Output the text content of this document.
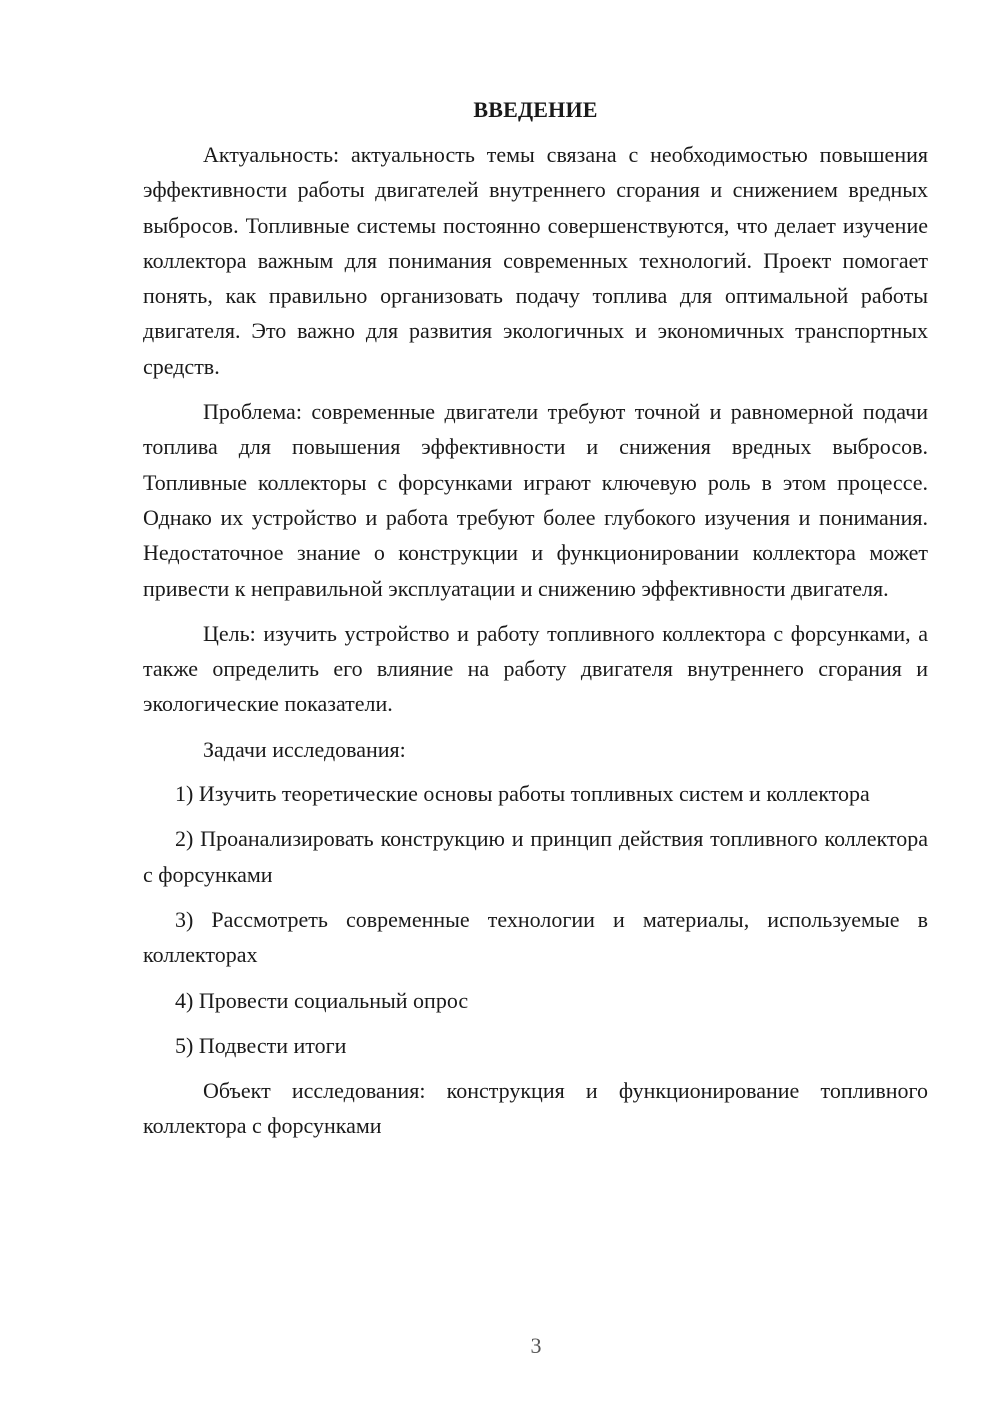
ВВЕДЕНИЕ

Актуальность: актуальность темы связана с необходимостью повышения эффективности работы двигателей внутреннего сгорания и снижением вредных выбросов. Топливные системы постоянно совершенствуются, что делает изучение коллектора важным для понимания современных технологий. Проект помогает понять, как правильно организовать подачу топлива для оптимальной работы двигателя. Это важно для развития экологичных и экономичных транспортных средств.

Проблема: современные двигатели требуют точной и равномерной подачи топлива для повышения эффективности и снижения вредных выбросов. Топливные коллекторы с форсунками играют ключевую роль в этом процессе. Однако их устройство и работа требуют более глубокого изучения и понимания. Недостаточное знание о конструкции и функционировании коллектора может привести к неправильной эксплуатации и снижению эффективности двигателя.

Цель: изучить устройство и работу топливного коллектора с форсунками, а также определить его влияние на работу двигателя внутреннего сгорания и экологические показатели.

Задачи исследования:

1) Изучить теоретические основы работы топливных систем и коллектора

2) Проанализировать конструкцию и принцип действия топливного коллектора с форсунками

3) Рассмотреть современные технологии и материалы, используемые в коллекторах

4) Провести социальный опрос

5) Подвести итоги

Объект исследования: конструкция и функционирование топливного коллектора с форсунками

3
